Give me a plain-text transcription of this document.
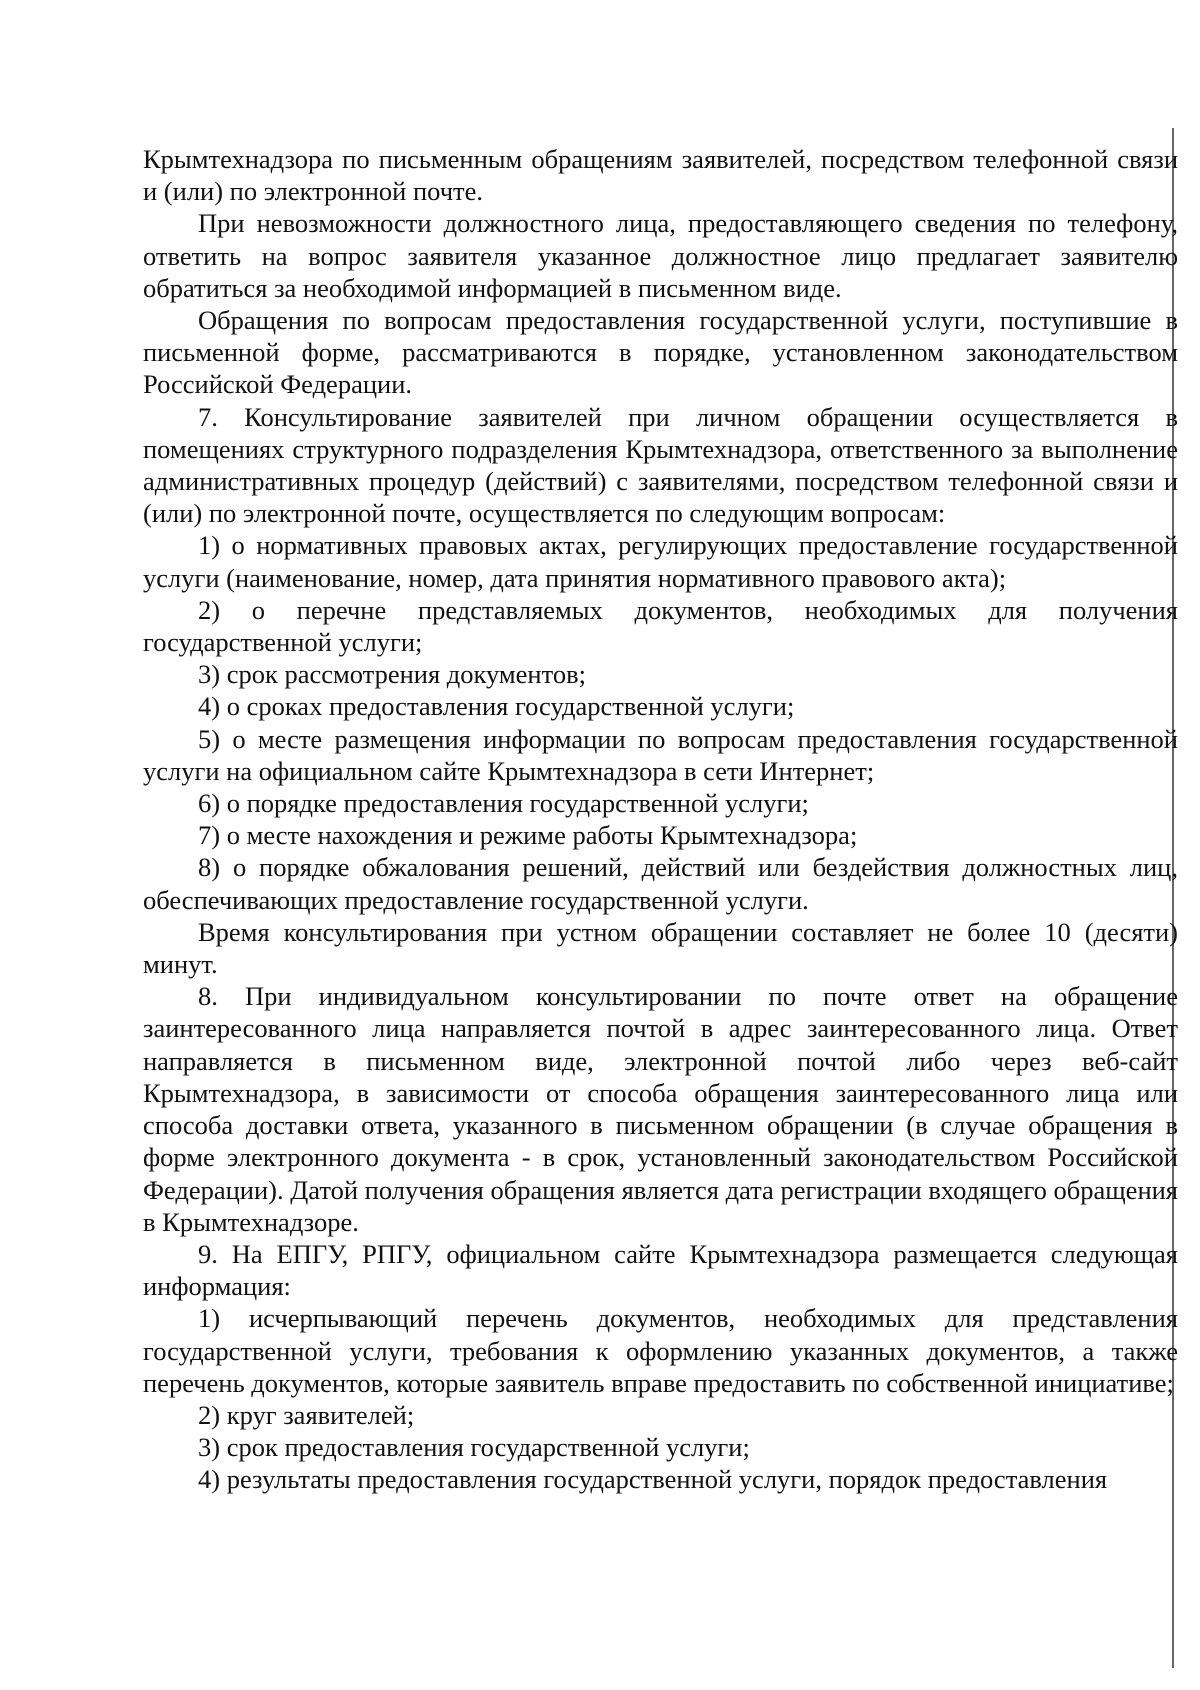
Крымтехнадзора по письменным обращениям заявителей, посредством телефонной связи и (или) по электронной почте.

При невозможности должностного лица, предоставляющего сведения по телефону, ответить на вопрос заявителя указанное должностное лицо предлагает заявителю обратиться за необходимой информацией в письменном виде.

Обращения по вопросам предоставления государственной услуги, поступившие в письменной форме, рассматриваются в порядке, установленном законодательством Российской Федерации.

7. Консультирование заявителей при личном обращении осуществляется в помещениях структурного подразделения Крымтехнадзора, ответственного за выполнение административных процедур (действий) с заявителями, посредством телефонной связи и (или) по электронной почте, осуществляется по следующим вопросам:

1) о нормативных правовых актах, регулирующих предоставление государственной услуги (наименование, номер, дата принятия нормативного правового акта);

2) о перечне представляемых документов, необходимых для получения государственной услуги;

3) срок рассмотрения документов;

4) о сроках предоставления государственной услуги;

5) о месте размещения информации по вопросам предоставления государственной услуги на официальном сайте Крымтехнадзора в сети Интернет;

6) о порядке предоставления государственной услуги;

7) о месте нахождения и режиме работы Крымтехнадзора;

8) о порядке обжалования решений, действий или бездействия должностных лиц, обеспечивающих предоставление государственной услуги.

Время консультирования при устном обращении составляет не более 10 (десяти) минут.

8. При индивидуальном консультировании по почте ответ на обращение заинтересованного лица направляется почтой в адрес заинтересованного лица. Ответ направляется в письменном виде, электронной почтой либо через веб-сайт Крымтехнадзора, в зависимости от способа обращения заинтересованного лица или способа доставки ответа, указанного в письменном обращении (в случае обращения в форме электронного документа - в срок, установленный законодательством Российской Федерации). Датой получения обращения является дата регистрации входящего обращения в Крымтехнадзоре.

9. На ЕПГУ, РПГУ, официальном сайте Крымтехнадзора размещается следующая информация:

1) исчерпывающий перечень документов, необходимых для представления государственной услуги, требования к оформлению указанных документов, а также перечень документов, которые заявитель вправе предоставить по собственной инициативе;

2) круг заявителей;

3) срок предоставления государственной услуги;

4) результаты предоставления государственной услуги, порядок предоставления
